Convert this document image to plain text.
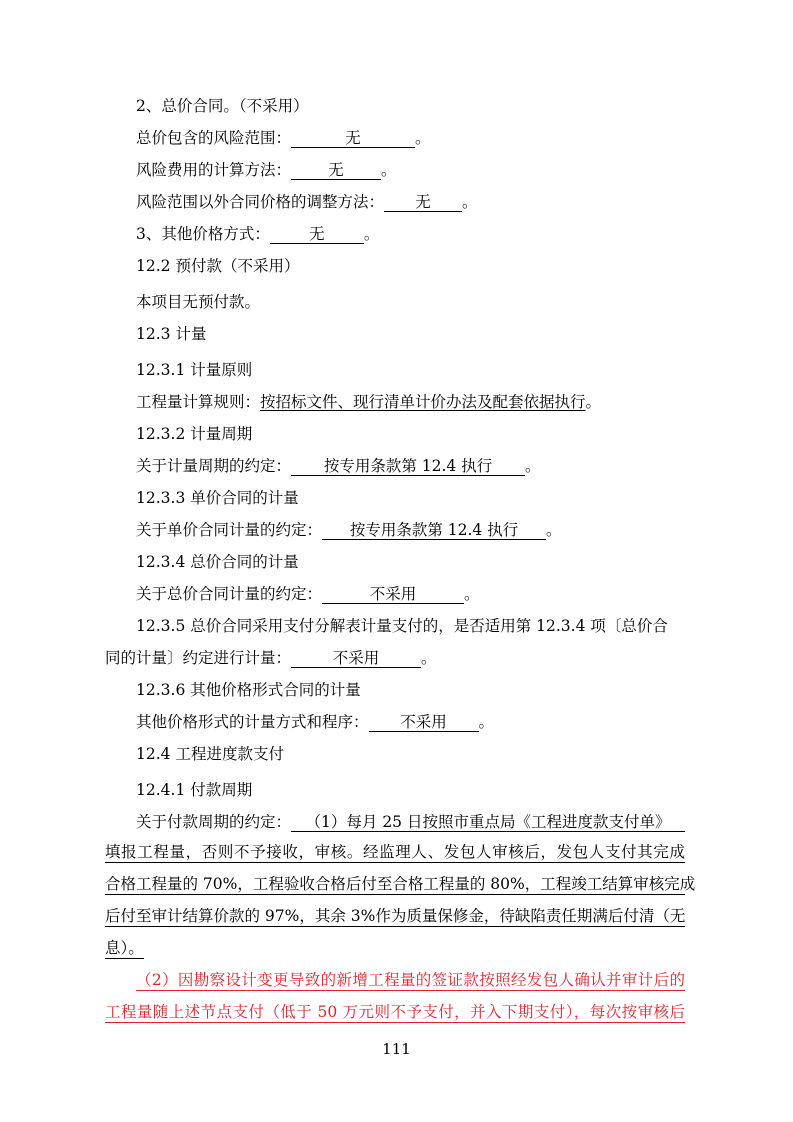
2、总价合同。（不采用）
总价包含的风险范围：	无	。
风险费用的计算方法： 无 。
风险范围以外合同价格的调整方法： 无 。
3、其他价格方式：	无	。
12.2 预付款（不采用）
本项目无预付款。
12.3 计量
12.3.1 计量原则
工程量计算规则：按招标文件、现行清单计价办法及配套依据执行。
12.3.2 计量周期
关于计量周期的约定： 按专用条款第 12.4 执行 。
12.3.3 单价合同的计量
关于单价合同计量的约定： 按专用条款第 12.4 执行 。
12.3.4 总价合同的计量
关于总价合同计量的约定：	不采用	。
12.3.5 总价合同采用支付分解表计量支付的，是否适用第 12.3.4 项〔总价合
同的计量〕约定进行计量：	不采用	。
12.3.6 其他价格形式合同的计量
其他价格形式的计量方式和程序： 不采用 。
12.4 工程进度款支付
12.4.1 付款周期
关于付款周期的约定： （1）每月 25 日按照市重点局《工程进度款支付单》
填报工程量，否则不予接收，审核。经监理人、发包人审核后，发包人支付其完成
合格工程量的 70%，工程验收合格后付至合格工程量的 80%，工程竣工结算审核完成
后付至审计结算价款的 97%，其余 3%作为质量保修金，待缺陷责任期满后付清（无
息）。
（2）因勘察设计变更导致的新增工程量的签证款按照经发包人确认并审计后的
工程量随上述节点支付（低于 50 万元则不予支付，并入下期支付），每次按审核后
111
